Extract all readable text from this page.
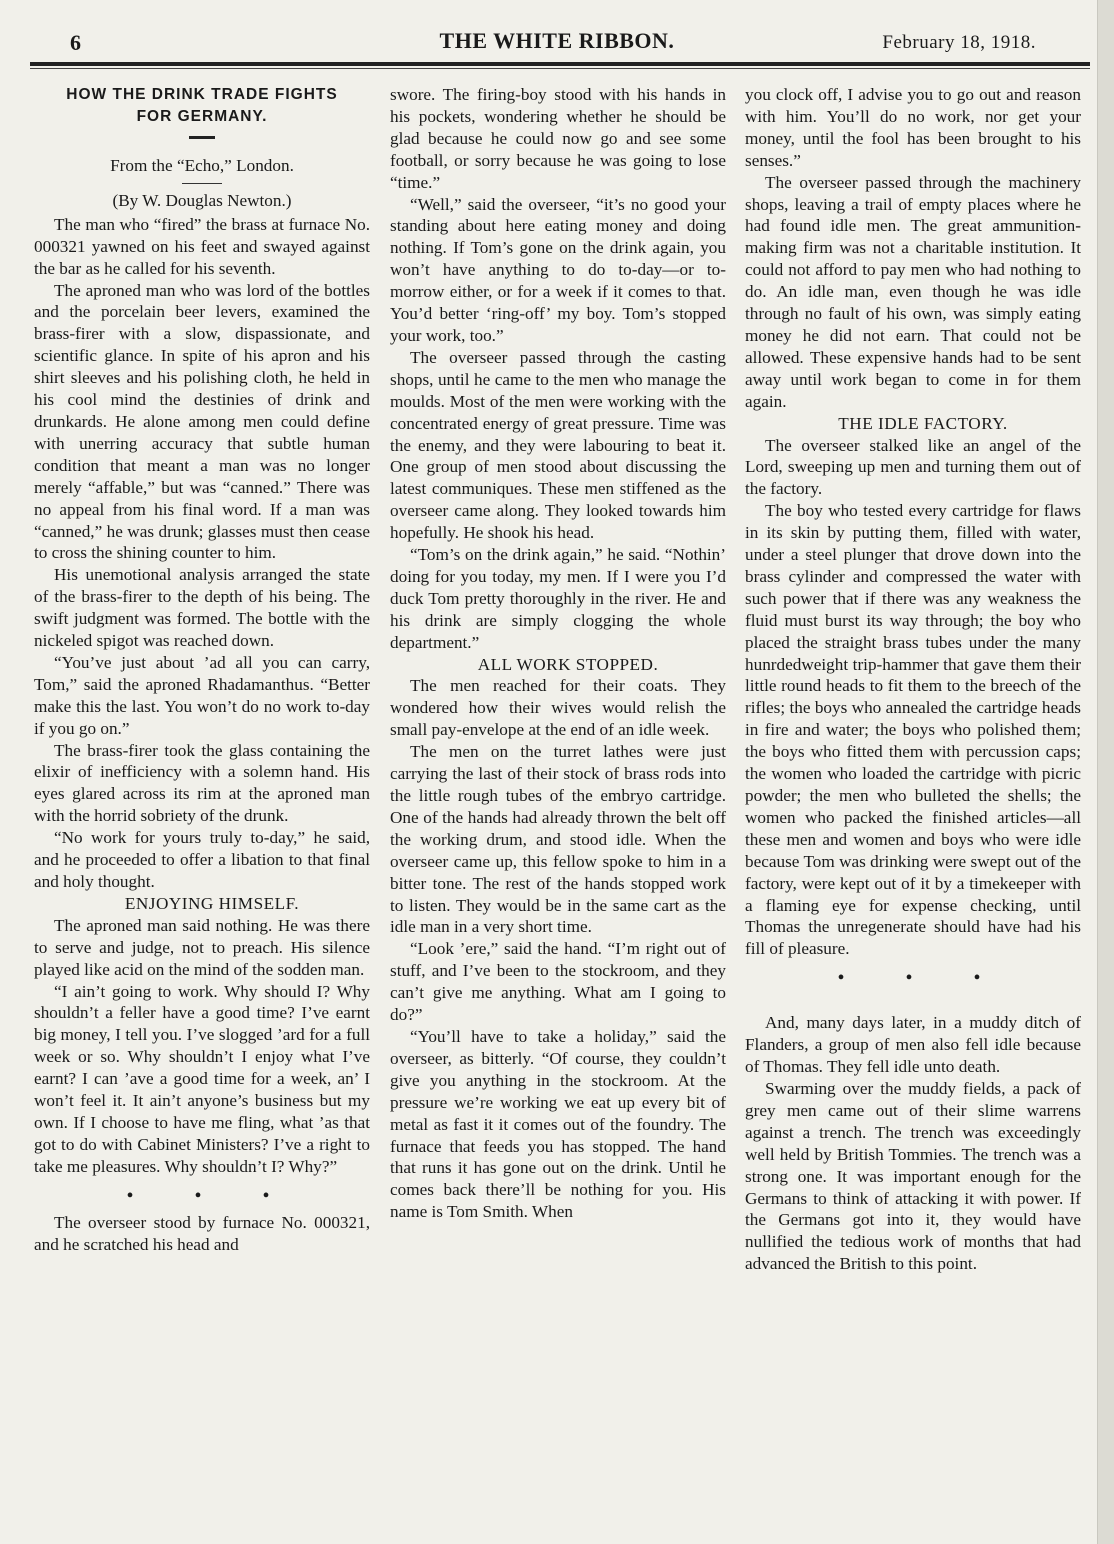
6	THE WHITE RIBBON.	February 18, 1918.
HOW THE DRINK TRADE FIGHTS
FOR GERMANY.
From the “Echo,” London.
(By W. Douglas Newton.)

The man who “fired” the brass at furnace No. 000321 yawned on his feet and swayed against the bar as he called for his seventh.

The aproned man who was lord of the bottles and the porcelain beer levers, examined the brass-firer with a slow, dispassionate, and scientific glance. In spite of his apron and his shirt sleeves and his polishing cloth, he held in his cool mind the destinies of drink and drunkards. He alone among men could define with unerring accuracy that subtle human condition that meant a man was no longer merely “affable,” but was “canned.” There was no appeal from his final word. If a man was “canned,” he was drunk; glasses must then cease to cross the shining counter to him.

His unemotional analysis arranged the state of the brass-firer to the depth of his being. The swift judgment was formed. The bottle with the nickeled spigot was reached down.

“You’ve just about ’ad all you can carry, Tom,” said the aproned Rhadamanthus. “Better make this the last. You won’t do no work to-day if you go on.”

The brass-firer took the glass containing the elixir of inefficiency with a solemn hand. His eyes glared across its rim at the aproned man with the horrid sobriety of the drunk.

“No work for yours truly to-day,” he said, and he proceeded to offer a libation to that final and holy thought.

ENJOYING HIMSELF.

The aproned man said nothing. He was there to serve and judge, not to preach. His silence played like acid on the mind of the sodden man.

“I ain’t going to work. Why should I? Why shouldn’t a feller have a good time? I’ve earnt big money, I tell you. I’ve slogged ’ard for a full week or so. Why shouldn’t I enjoy what I’ve earnt? I can ’ave a good time for a week, an’ I won’t feel it. It ain’t anyone’s business but my own. If I choose to have me fling, what ’as that got to do with Cabinet Ministers? I’ve a right to take me pleasures. Why shouldn’t I? Why?”

• • •

The overseer stood by furnace No. 000321, and he scratched his head and

swore. The firing-boy stood with his hands in his pockets, wondering whether he should be glad because he could now go and see some football, or sorry because he was going to lose “time.”

“Well,” said the overseer, “it’s no good your standing about here eating money and doing nothing. If Tom’s gone on the drink again, you won’t have anything to do to-day—or to-morrow either, or for a week if it comes to that. You’d better ‘ring-off’ my boy. Tom’s stopped your work, too.”

The overseer passed through the casting shops, until he came to the men who manage the moulds. Most of the men were working with the concentrated energy of great pressure. Time was the enemy, and they were labouring to beat it. One group of men stood about discussing the latest communiques. These men stiffened as the overseer came along. They looked towards him hopefully. He shook his head.

“Tom’s on the drink again,” he said. “Nothin’ doing for you today, my men. If I were you I’d duck Tom pretty thoroughly in the river. He and his drink are simply clogging the whole department.”

ALL WORK STOPPED.

The men reached for their coats. They wondered how their wives would relish the small pay-envelope at the end of an idle week.

The men on the turret lathes were just carrying the last of their stock of brass rods into the little rough tubes of the embryo cartridge. One of the hands had already thrown the belt off the working drum, and stood idle. When the overseer came up, this fellow spoke to him in a bitter tone. The rest of the hands stopped work to listen. They would be in the same cart as the idle man in a very short time.

“Look ’ere,” said the hand. “I’m right out of stuff, and I’ve been to the stockroom, and they can’t give me anything. What am I going to do?”

“You’ll have to take a holiday,” said the overseer, as bitterly. “Of course, they couldn’t give you anything in the stockroom. At the pressure we’re working we eat up every bit of metal as fast it it comes out of the foundry. The furnace that feeds you has stopped. The hand that runs it has gone out on the drink. Until he comes back there’ll be nothing for you. His name is Tom Smith. When

you clock off, I advise you to go out and reason with him. You’ll do no work, nor get your money, until the fool has been brought to his senses.”

The overseer passed through the machinery shops, leaving a trail of empty places where he had found idle men. The great ammunition-making firm was not a charitable institution. It could not afford to pay men who had nothing to do. An idle man, even though he was idle through no fault of his own, was simply eating money he did not earn. That could not be allowed. These expensive hands had to be sent away until work began to come in for them again.

THE IDLE FACTORY.

The overseer stalked like an angel of the Lord, sweeping up men and turning them out of the factory.

The boy who tested every cartridge for flaws in its skin by putting them, filled with water, under a steel plunger that drove down into the brass cylinder and compressed the water with such power that if there was any weakness the fluid must burst its way through; the boy who placed the straight brass tubes under the many hunrdedweight trip-hammer that gave them their little round heads to fit them to the breech of the rifles; the boys who annealed the cartridge heads in fire and water; the boys who polished them; the boys who fitted them with percussion caps; the women who loaded the cartridge with picric powder; the men who bulleted the shells; the women who packed the finished articles—all these men and women and boys who were idle because Tom was drinking were swept out of the factory, were kept out of it by a timekeeper with a flaming eye for expense checking, until Thomas the unregenerate should have had his fill of pleasure.

• • •

And, many days later, in a muddy ditch of Flanders, a group of men also fell idle because of Thomas. They fell idle unto death.

Swarming over the muddy fields, a pack of grey men came out of their slime warrens against a trench. The trench was exceedingly well held by British Tommies. The trench was a strong one. It was important enough for the Germans to think of attacking it with power. If the Germans got into it, they would have nullified the tedious work of months that had advanced the British to this point.
